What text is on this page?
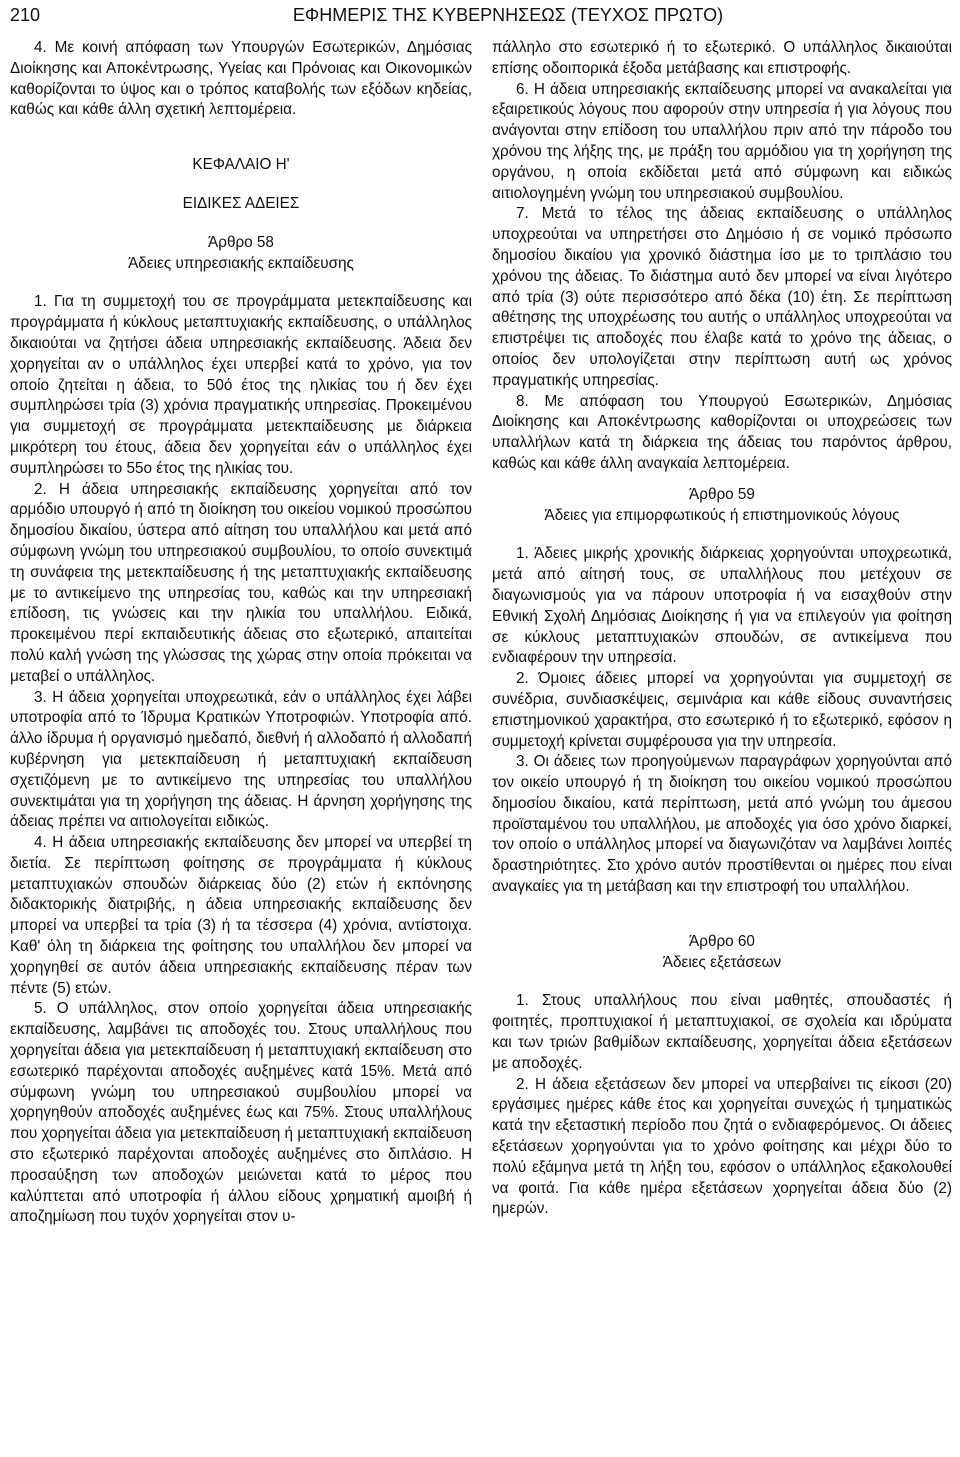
210	ΕΦΗΜΕΡΙΣ ΤΗΣ ΚΥΒΕΡΝΗΣΕΩΣ (ΤΕΥΧΟΣ ΠΡΩΤΟ)

4. Με κοινή απόφαση των Υπουργών Εσωτερικών, Δημόσιας Διοίκησης και Αποκέντρωσης, Υγείας και Πρόνοιας και Οικονομικών καθορίζονται το ύψος και ο τρόπος καταβολής των εξόδων κηδείας, καθώς και κάθε άλλη σχετική λεπτομέρεια.

ΚΕΦΑΛΑΙΟ Η'

ΕΙΔΙΚΕΣ ΑΔΕΙΕΣ

Άρθρο 58

Άδειες υπηρεσιακής εκπαίδευσης

1. Για τη συμμετοχή του σε προγράμματα μετεκπαίδευσης και προγράμματα ή κύκλους μεταπτυχιακής εκπαίδευσης, ο υπάλληλος δικαιούται να ζητήσει άδεια υπηρεσιακής εκπαίδευσης. Άδεια δεν χορηγείται αν ο υπάλληλος έχει υπερβεί κατά το χρόνο, για τον οποίο ζητείται η άδεια, το 50ό έτος της ηλικίας του ή δεν έχει συμπληρώσει τρία (3) χρόνια πραγματικής υπηρεσίας. Προκειμένου για συμμετοχή σε προγράμματα μετεκπαίδευσης με διάρκεια μικρότερη του έτους, άδεια δεν χορηγείται εάν ο υπάλληλος έχει συμπληρώσει το 55ο έτος της ηλικίας του.

2. Η άδεια υπηρεσιακής εκπαίδευσης χορηγείται από τον αρμόδιο υπουργό ή από τη διοίκηση του οικείου νομικού προσώπου δημοσίου δικαίου, ύστερα από αίτηση του υπαλλήλου και μετά από σύμφωνη γνώμη του υπηρεσιακού συμβουλίου, το οποίο συνεκτιμά τη συνάφεια της μετεκπαίδευσης ή της μεταπτυχιακής εκπαίδευσης με το αντικείμενο της υπηρεσίας του, καθώς και την υπηρεσιακή επίδοση, τις γνώσεις και την ηλικία του υπαλλήλου. Ειδικά, προκειμένου περί εκπαιδευτικής άδειας στο εξωτερικό, απαιτείται πολύ καλή γνώση της γλώσσας της χώρας στην οποία πρόκειται να μεταβεί ο υπάλληλος.

3. Η άδεια χορηγείται υποχρεωτικά, εάν ο υπάλληλος έχει λάβει υποτροφία από το Ίδρυμα Κρατικών Υποτροφιών. Υποτροφία από. άλλο ίδρυμα ή οργανισμό ημεδαπό, διεθνή ή αλλοδαπό ή αλλοδαπή κυβέρνηση για μετεκπαίδευση ή μεταπτυχιακή εκπαίδευση σχετιζόμενη με το αντικείμενο της υπηρεσίας του υπαλλήλου συνεκτιμάται για τη χορήγηση της άδειας. Η άρνηση χορήγησης της άδειας πρέπει να αιτιολογείται ειδικώς.

4. Η άδεια υπηρεσιακής εκπαίδευσης δεν μπορεί να υπερβεί τη διετία. Σε περίπτωση φοίτησης σε προγράμματα ή κύκλους μεταπτυχιακών σπουδών διάρκειας δύο (2) ετών ή εκπόνησης διδακτορικής διατριβής, η άδεια υπηρεσιακής εκπαίδευσης δεν μπορεί να υπερβεί τα τρία (3) ή τα τέσσερα (4) χρόνια, αντίστοιχα. Καθ' όλη τη διάρκεια της φοίτησης του υπαλλήλου δεν μπορεί να χορηγηθεί σε αυτόν άδεια υπηρεσιακής εκπαίδευσης πέραν των πέντε (5) ετών.

5. Ο υπάλληλος, στον οποίο χορηγείται άδεια υπηρεσιακής εκπαίδευσης, λαμβάνει τις αποδοχές του. Στους υπαλλήλους που χορηγείται άδεια για μετεκπαίδευση ή μεταπτυχιακή εκπαίδευση στο εσωτερικό παρέχονται αποδοχές αυξημένες κατά 15%. Μετά από σύμφωνη γνώμη του υπηρεσιακού συμβουλίου μπορεί να χορηγηθούν αποδοχές αυξημένες έως και 75%. Στους υπαλλήλους που χορηγείται άδεια για μετεκπαίδευση ή μεταπτυχιακή εκπαίδευση στο εξωτερικό παρέχονται αποδοχές αυξημένες στο διπλάσιο. Η προσαύξηση των αποδοχών μειώνεται κατά το μέρος που καλύπτεται από υποτροφία ή άλλου είδους χρηματική αμοιβή ή αποζημίωση που τυχόν χορηγείται στον υ-

πάλληλο στο εσωτερικό ή το εξωτερικό. Ο υπάλληλος δικαιούται επίσης οδοιπορικά έξοδα μετάβασης και επιστροφής.

6. Η άδεια υπηρεσιακής εκπαίδευσης μπορεί να ανακαλείται για εξαιρετικούς λόγους που αφορούν στην υπηρεσία ή για λόγους που ανάγονται στην επίδοση του υπαλλήλου πριν από την πάροδο του χρόνου της λήξης της, με πράξη του αρμόδιου για τη χορήγηση της οργάνου, η οποία εκδίδεται μετά από σύμφωνη και ειδικώς αιτιολογημένη γνώμη του υπηρεσιακού συμβουλίου.

7. Μετά το τέλος της άδειας εκπαίδευσης ο υπάλληλος υποχρεούται να υπηρετήσει στο Δημόσιο ή σε νομικό πρόσωπο δημοσίου δικαίου για χρονικό διάστημα ίσο με το τριπλάσιο του χρόνου της άδειας. Το διάστημα αυτό δεν μπορεί να είναι λιγότερο από τρία (3) ούτε περισσότερο από δέκα (10) έτη. Σε περίπτωση αθέτησης της υποχρέωσης του αυτής ο υπάλληλος υποχρεούται να επιστρέψει τις αποδοχές που έλαβε κατά το χρόνο της άδειας, ο οποίος δεν υπολογίζεται στην περίπτωση αυτή ως χρόνος πραγματικής υπηρεσίας.

8. Με απόφαση του Υπουργού Εσωτερικών, Δημόσιας Διοίκησης και Αποκέντρωσης καθορίζονται οι υποχρεώσεις των υπαλλήλων κατά τη διάρκεια της άδειας του παρόντος άρθρου, καθώς και κάθε άλλη αναγκαία λεπτομέρεια.

Άρθρο 59

Άδειες για επιμορφωτικούς ή επιστημονικούς λόγους

1. Άδειες μικρής χρονικής διάρκειας χορηγούνται υποχρεωτικά, μετά από αίτησή τους, σε υπαλλήλους που μετέχουν σε διαγωνισμούς για να πάρουν υποτροφία ή να εισαχθούν στην Εθνική Σχολή Δημόσιας Διοίκησης ή για να επιλεγούν για φοίτηση σε κύκλους μεταπτυχιακών σπουδών, σε αντικείμενα που ενδιαφέρουν την υπηρεσία.

2. Όμοιες άδειες μπορεί να χορηγούνται για συμμετοχή σε συνέδρια, συνδιασκέψεις, σεμινάρια και κάθε είδους συναντήσεις επιστημονικού χαρακτήρα, στο εσωτερικό ή το εξωτερικό, εφόσον η συμμετοχή κρίνεται συμφέρουσα για την υπηρεσία.

3. Οι άδειες των προηγούμενων παραγράφων χορηγούνται από τον οικείο υπουργό ή τη διοίκηση του οικείου νομικού προσώπου δημοσίου δικαίου, κατά περίπτωση, μετά από γνώμη του άμεσου προϊσταμένου του υπαλλήλου, με αποδοχές για όσο χρόνο διαρκεί, τον οποίο ο υπάλληλος μπορεί να διαγωνιζόταν να λαμβάνει λοιπές δραστηριότητες. Στο χρόνο αυτόν προστίθενται οι ημέρες που είναι αναγκαίες για τη μετάβαση και την επιστροφή του υπαλλήλου.

Άρθρο 60

Άδειες εξετάσεων

1. Στους υπαλλήλους που είναι μαθητές, σπουδαστές ή φοιτητές, προπτυχιακοί ή μεταπτυχιακοί, σε σχολεία και ιδρύματα και των τριών βαθμίδων εκπαίδευσης, χορηγείται άδεια εξετάσεων με αποδοχές.

2. Η άδεια εξετάσεων δεν μπορεί να υπερβαίνει τις είκοσι (20) εργάσιμες ημέρες κάθε έτος και χορηγείται συνεχώς ή τμηματικώς κατά την εξεταστική περίοδο που ζητά ο ενδιαφερόμενος. Οι άδειες εξετάσεων χορηγούνται για το χρόνο φοίτησης και μέχρι δύο το πολύ εξάμηνα μετά τη λήξη του, εφόσον ο υπάλληλος εξακολουθεί να φοιτά. Για κάθε ημέρα εξετάσεων χορηγείται άδεια δύο (2) ημερών.
